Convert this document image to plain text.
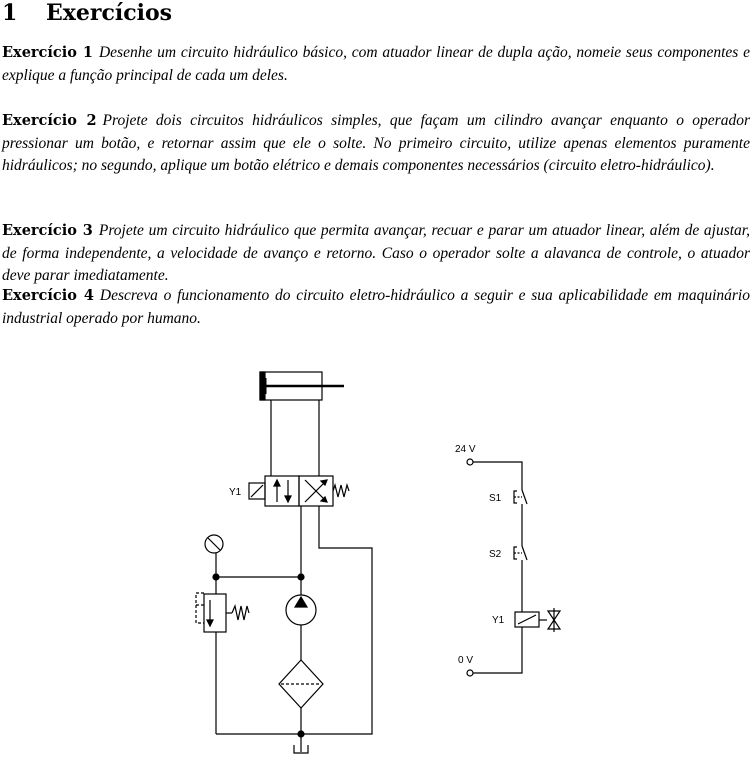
1 Exercícios
Exercício 1 Desenhe um circuito hidráulico básico, com atuador linear de dupla ação, nomeie seus componentes e explique a função principal de cada um deles.
Exercício 2 Projete dois circuitos hidráulicos simples, que façam um cilindro avançar enquanto o operador pressionar um botão, e retornar assim que ele o solte. No primeiro circuito, utilize apenas elementos puramente hidráulicos; no segundo, aplique um botão elétrico e demais componentes necessários (circuito eletro-hidráulico).
Exercício 3 Projete um circuito hidráulico que permita avançar, recuar e parar um atuador linear, além de ajustar, de forma independente, a velocidade de avanço e retorno. Caso o operador solte a alavanca de controle, o atuador deve parar imediatamente.
Exercício 4 Descreva o funcionamento do circuito eletro-hidráulico a seguir e sua aplicabilidade em maquinário industrial operado por humano.
Y1
24 V
S1
S2
Y1
0 V
